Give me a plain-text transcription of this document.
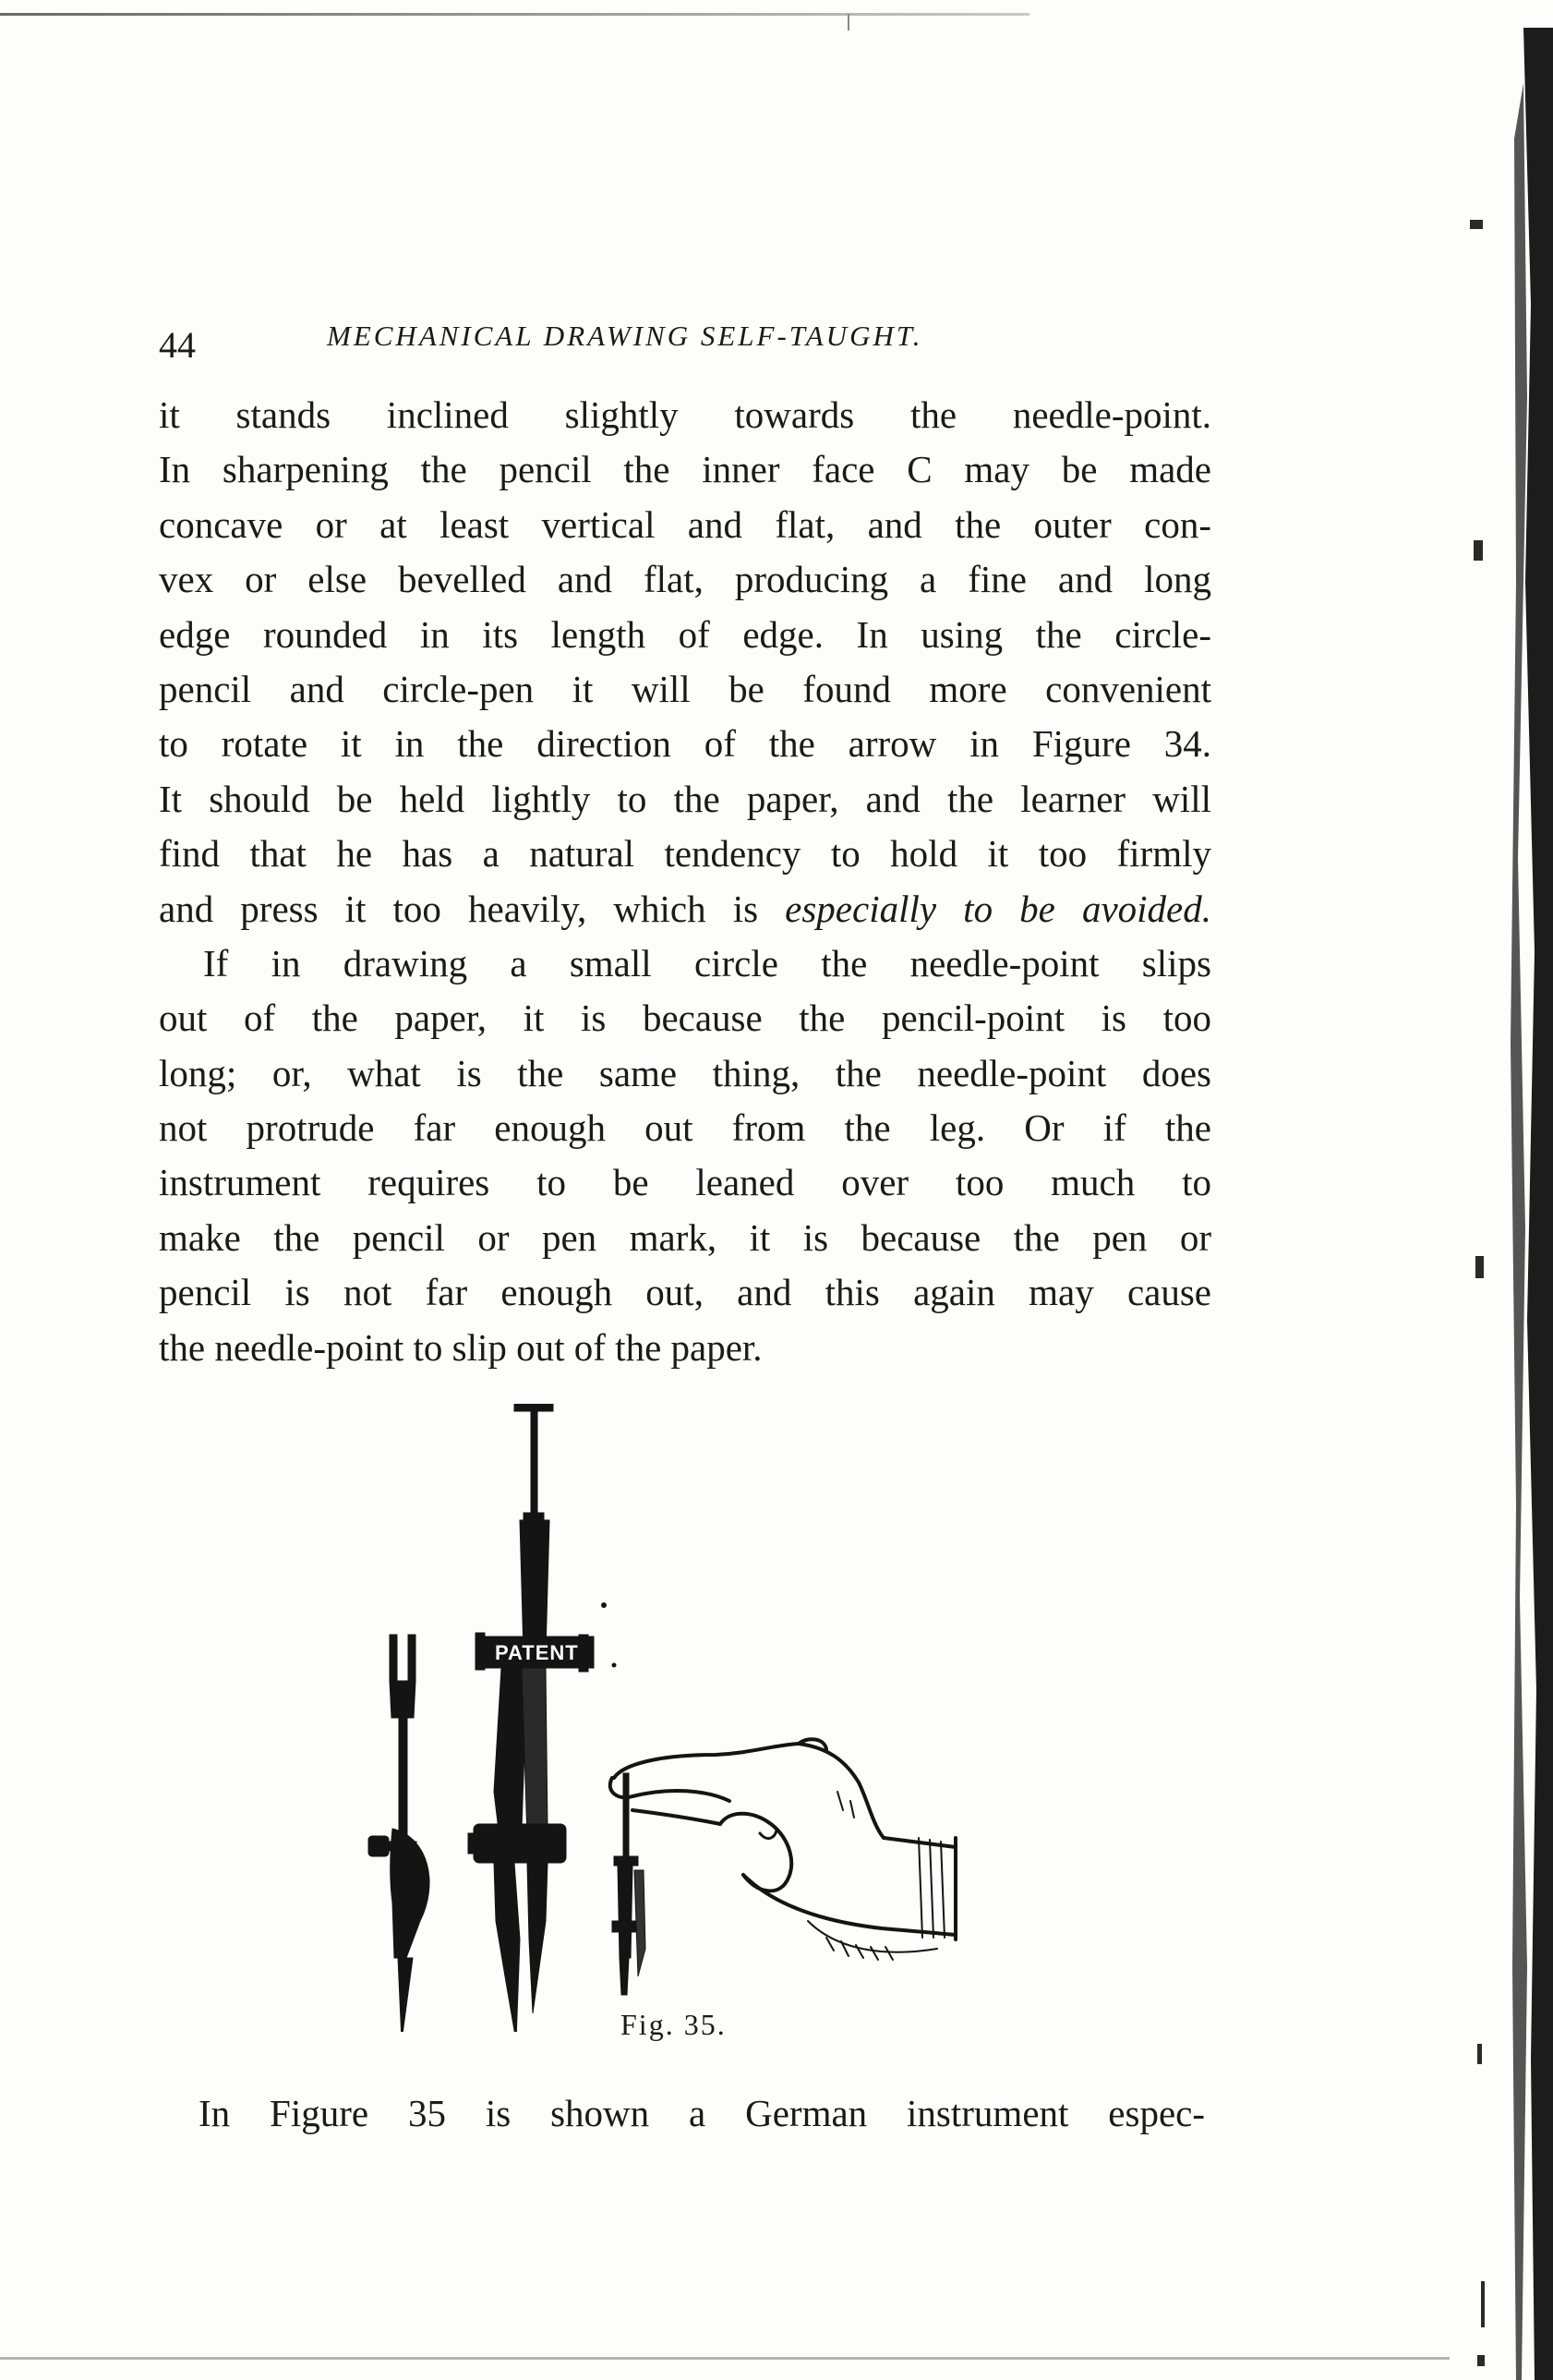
44	MECHANICAL DRAWING SELF-TAUGHT.
it stands inclined slightly towards the needle-point.
In sharpening the pencil the inner face C may be made
concave or at least vertical and flat, and the outer con-
vex or else bevelled and flat, producing a fine and long
edge rounded in its length of edge. In using the circle-
pencil and circle-pen it will be found more convenient
to rotate it in the direction of the arrow in Figure 34.
It should be held lightly to the paper, and the learner will
find that he has a natural tendency to hold it too firmly
and press it too heavily, which is especially to be avoided.
If in drawing a small circle the needle-point slips
out of the paper, it is because the pencil-point is too
long; or, what is the same thing, the needle-point does
not protrude far enough out from the leg. Or if the
instrument requires to be leaned over too much to
make the pencil or pen mark, it is because the pen or
pencil is not far enough out, and this again may cause
the needle-point to slip out of the paper.
PATENT
Fig. 35.
In Figure 35 is shown a German instrument espec-
